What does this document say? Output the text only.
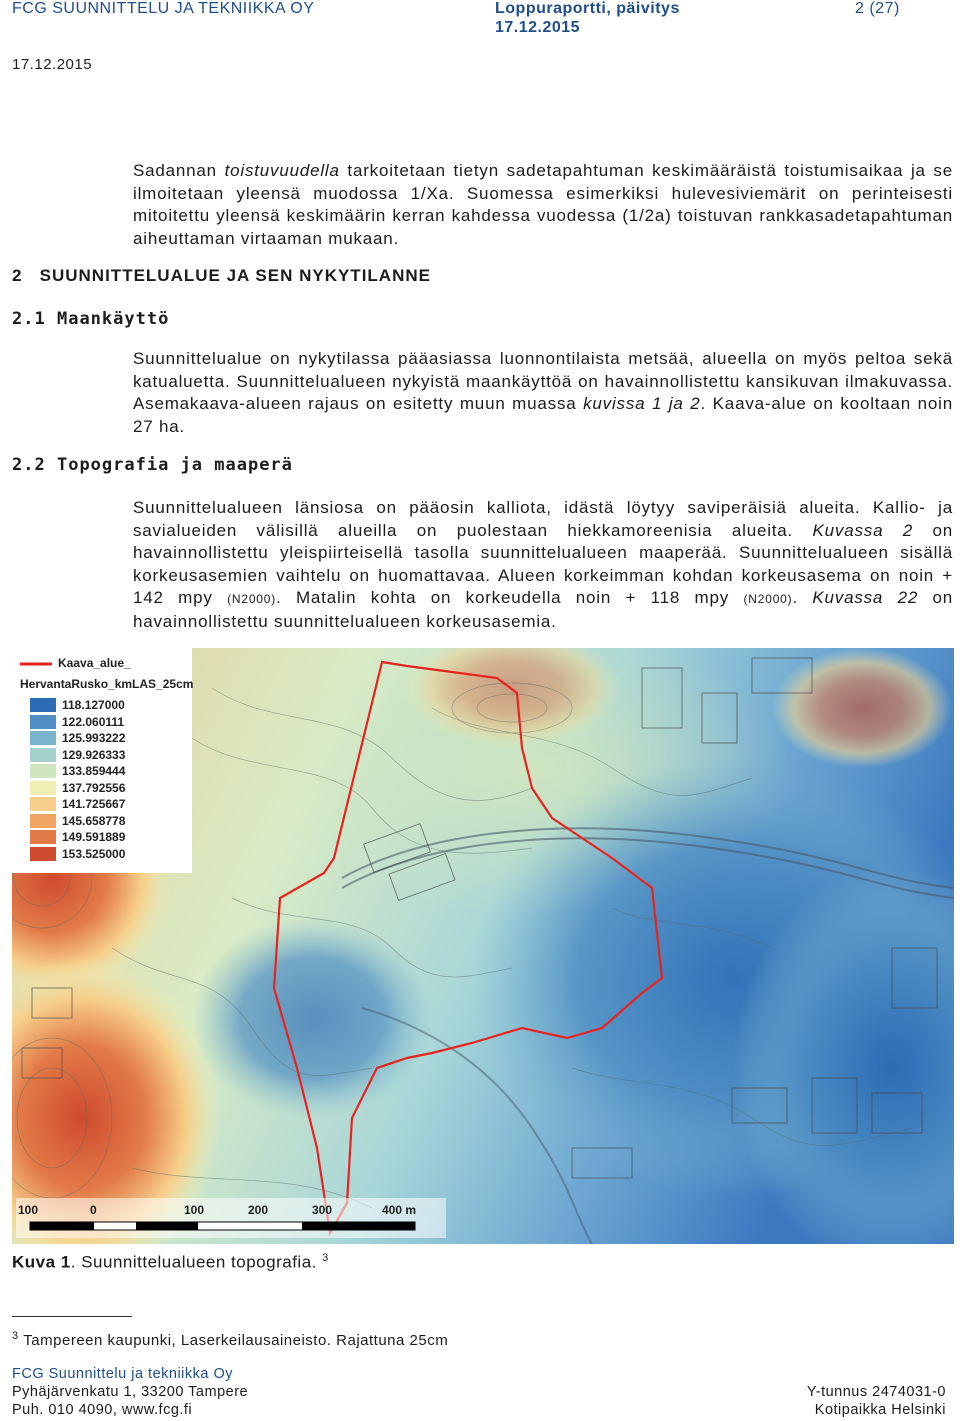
FCG SUUNNITTELU JA TEKNIIKKA OY	Loppuraportti, päivitys
17.12.2015
2 (27)
17.12.2015
Sadannan toistuvuudella tarkoitetaan tietyn sadetapahtuman keskimääräistä toistumisaikaa ja se ilmoitetaan yleensä muodossa 1/Xa. Suomessa esimerkiksi hulevesiviemärit on perinteisesti mitoitettu yleensä keskimäärin kerran kahdessa vuodessa (1/2a) toistuvan rankkasadetapahtuman aiheuttaman virtaaman mukaan.
2 SUUNNITTELUALUE JA SEN NYKYTILANNE
2.1 Maankäyttö
Suunnittelualue on nykytilassa pääasiassa luonnontilaista metsää, alueella on myös peltoa sekä katualuetta. Suunnittelualueen nykyistä maankäyttöä on havainnollistettu kansikuvan ilmakuvassa. Asemakaava-alueen rajaus on esitetty muun muassa kuvissa 1 ja 2. Kaava-alue on kooltaan noin 27 ha.
2.2 Topografia ja maaperä
Suunnittelualueen länsiosa on pääosin kalliota, idästä löytyy saviperäisiä alueita. Kallio- ja savialueiden välisillä alueilla on puolestaan hiekkamoreenisia alueita. Kuvassa 2 on havainnollistettu yleispiirteisellä tasolla suunnittelualueen maaperää. Suunnittelualueen sisällä korkeusasemien vaihtelu on huomattavaa. Alueen korkeimman kohdan korkeusasema on noin + 142 mpy (N2000). Matalin kohta on korkeudella noin + 118 mpy (N2000). Kuvassa 22 on havainnollistettu suunnittelualueen korkeusasemia.
Kaava_alue_
HervantaRusko_kmLAS_25cm
118.127000
122.060111
125.993222
129.926333
133.859444
137.792556
141.725667
145.658778
149.591889
153.525000
100	0	100	200	300	400 m
Kuva 1. Suunnittelualueen topografia. $^3$
$^3$ Tampereen kaupunki, Laserkeilausaineisto. Rajattuna 25cm
FCG Suunnittelu ja tekniikka Oy
Pyhäjärvenkatu 1, 33200 Tampere
Puh. 010 4090, www.fcg.fi
Y-tunnus 2474031-0
Kotipaikka Helsinki
